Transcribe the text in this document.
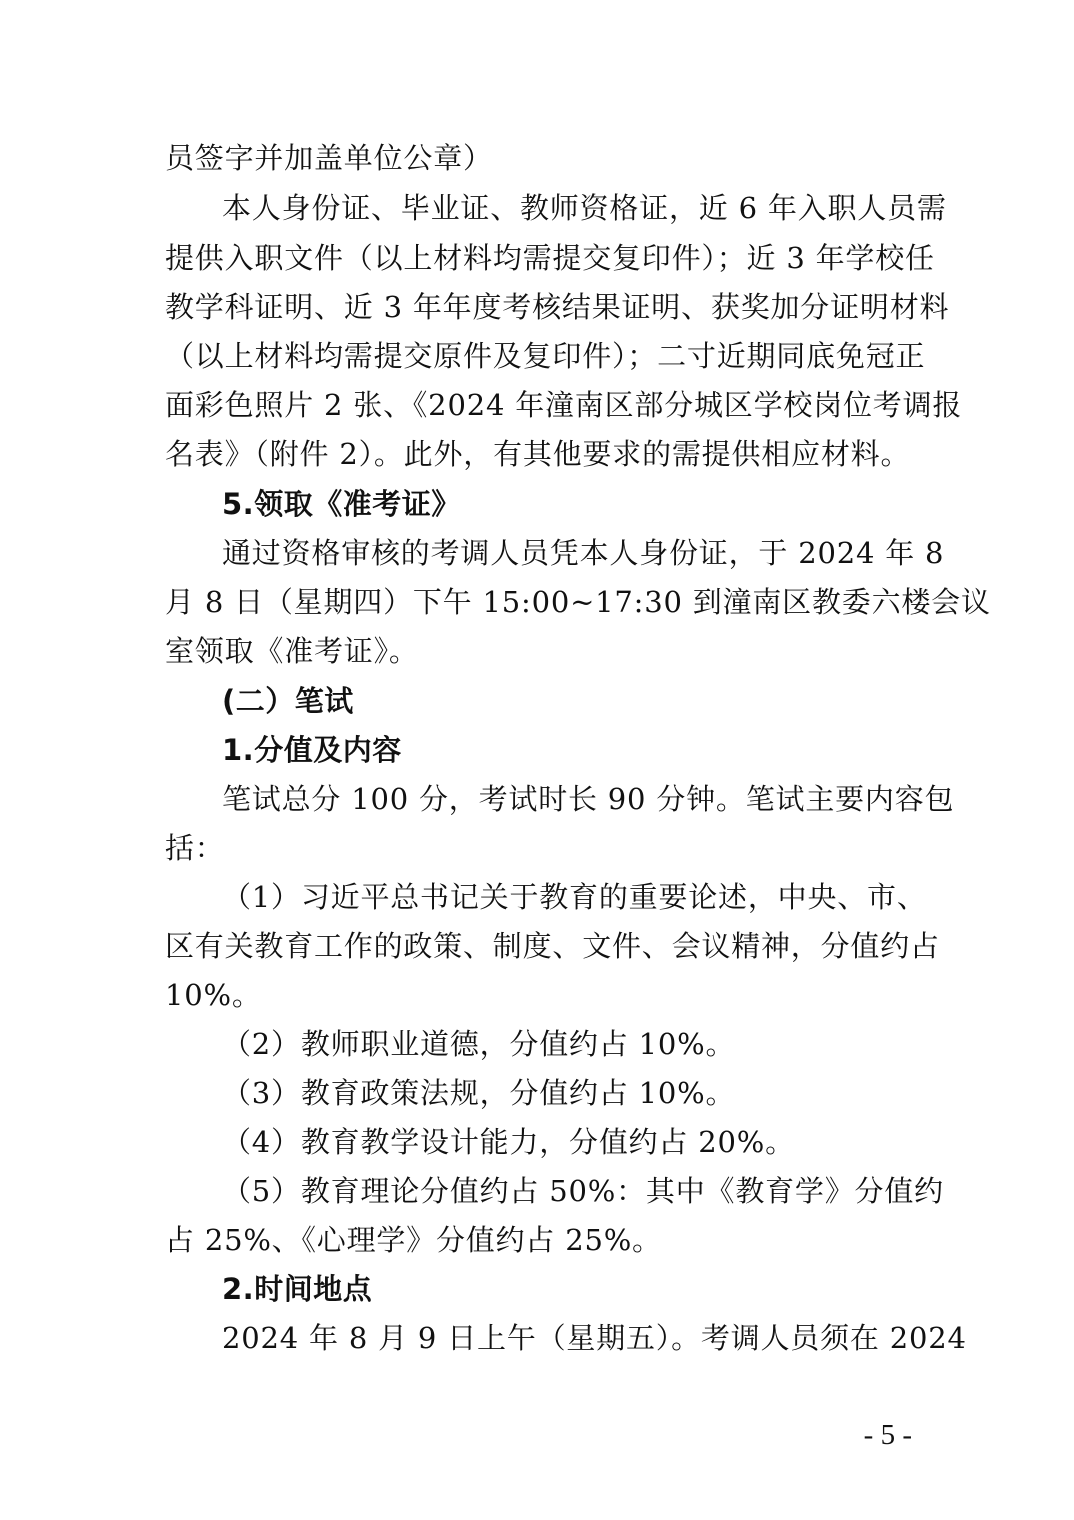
员签字并加盖单位公章）
本人身份证、毕业证、教师资格证，近 6 年入职人员需
提供入职文件（以上材料均需提交复印件）；近 3 年学校任
教学科证明、近 3 年年度考核结果证明、获奖加分证明材料
（以上材料均需提交原件及复印件）；二寸近期同底免冠正
面彩色照片 2 张、《2024 年潼南区部分城区学校岗位考调报
名表》（附件 2）。此外，有其他要求的需提供相应材料。
5.领取《准考证》
通过资格审核的考调人员凭本人身份证，于 2024 年 8
月 8 日（星期四）下午 15:00~17:30 到潼南区教委六楼会议
室领取《准考证》。
(二）笔试
1.分值及内容
笔试总分 100 分，考试时长 90 分钟。笔试主要内容包
括：
（1）习近平总书记关于教育的重要论述，中央、市、
区有关教育工作的政策、制度、文件、会议精神，分值约占
10%。
（2）教师职业道德，分值约占 10%。
（3）教育政策法规，分值约占 10%。
（4）教育教学设计能力，分值约占 20%。
（5）教育理论分值约占 50%：其中《教育学》分值约
占 25%、《心理学》分值约占 25%。
2.时间地点
2024 年 8 月 9 日上午（星期五）。考调人员须在 2024
- 5 -
